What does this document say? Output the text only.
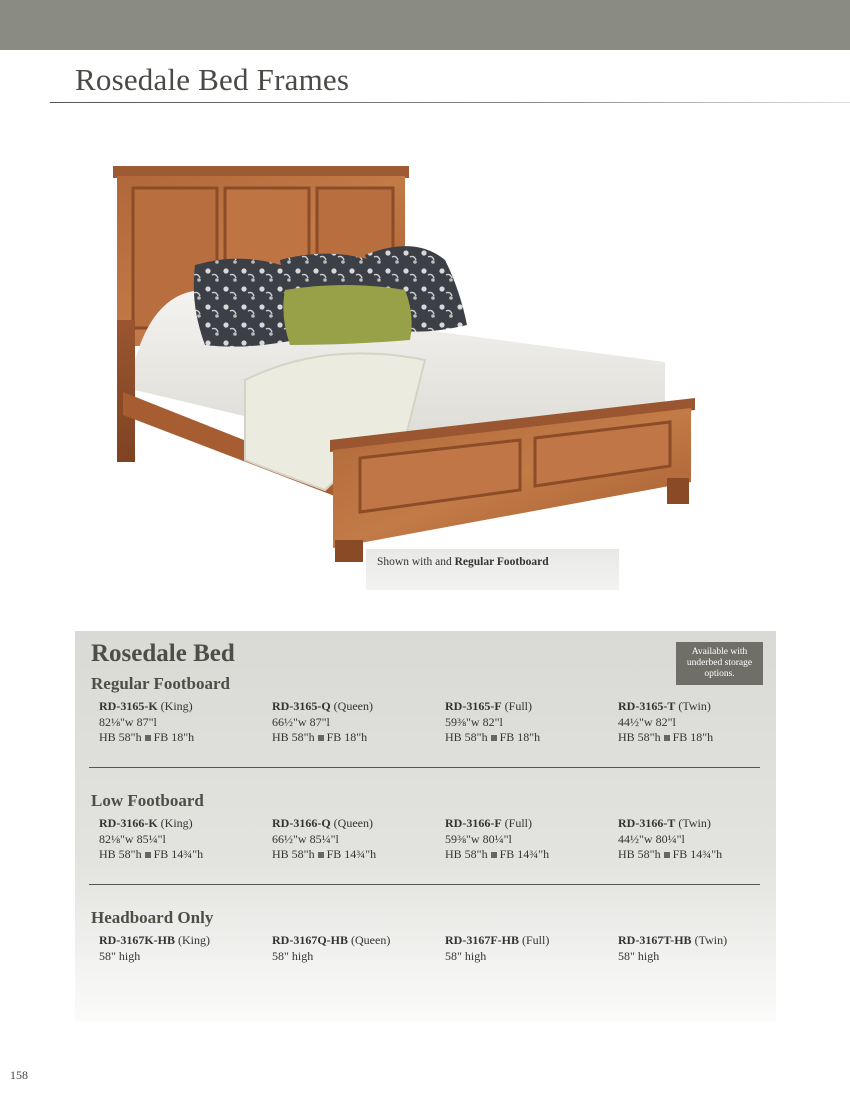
Rosedale Bed Frames
Shown with and Regular Footboard
Rosedale Bed	Available with underbed storage options.
Regular Footboard
RD-3165-K (King)
82⅛"w 87"l
HB 58"h FB 18"h
RD-3165-Q (Queen)
66½"w 87"l
HB 58"h FB 18"h
RD-3165-F (Full)
59⅜"w 82"l
HB 58"h FB 18"h
RD-3165-T (Twin)
44½"w 82"l
HB 58"h FB 18"h
Low Footboard
RD-3166-K (King)
82⅛"w 85¼"l
HB 58"h FB 14¾"h
RD-3166-Q (Queen)
66½"w 85¼"l
HB 58"h FB 14¾"h
RD-3166-F (Full)
59⅜"w 80¼"l
HB 58"h FB 14¾"h
RD-3166-T (Twin)
44½"w 80¼"l
HB 58"h FB 14¾"h
Headboard Only
RD-3167K-HB (King)
58" high
RD-3167Q-HB (Queen)
58" high
RD-3167F-HB (Full)
58" high
RD-3167T-HB (Twin)
58" high
158
